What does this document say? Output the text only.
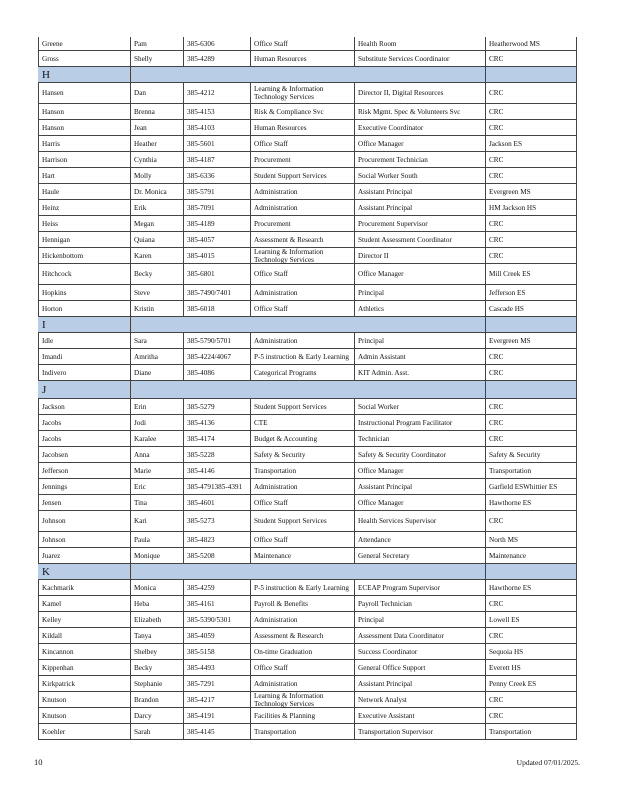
Greene	Pam	385-6306	Office Staff	Health Room	Heatherwood MS
Gross	Shelly	385-4289	Human Resources	Substitute Services Coordinator	CRC
H
Hansen	Dan	385-4212	Learning & Information Technology Services	Director II, Digital Resources	CRC
Hanson	Brenna	385-4153	Risk & Compliance Svc	Risk Mgmt. Spec & Volunteers Svc	CRC
Hanson	Jean	385-4103	Human Resources	Executive Coordinator	CRC
Harris	Heather	385-5601	Office Staff	Office Manager	Jackson ES
Harrison	Cynthia	385-4187	Procurement	Procurement Technician	CRC
Hart	Molly	385-6336	Student Support Services	Social Worker South	CRC
Haule	Dr. Monica	385-5791	Administration	Assistant Principal	Evergreen MS
Heinz	Erik	385-7091	Administration	Assistant Principal	HM Jackson HS
Heiss	Megan	385-4189	Procurement	Procurement Supervisor	CRC
Hennigan	Quiana	385-4057	Assessment & Research	Student Assessment Coordinator	CRC
Hickenbottom	Karen	385-4015	Learning & Information Technology Services	Director II	CRC
Hitchcock	Becky	385-6801	Office Staff	Office Manager	Mill Creek ES
Hopkins	Steve	385-7490/7401	Administration	Principal	Jefferson ES
Horton	Kristin	385-6018	Office Staff	Athletics	Cascade HS
I
Idle	Sara	385-5790/5701	Administration	Principal	Evergreen MS
Imandi	Amritha	385-4224/4067	P-5 instruction & Early Learning	Admin Assistant	CRC
Indivero	Diane	385-4086	Categorical Programs	KIT Admin. Asst.	CRC
J
Jackson	Erin	385-5279	Student Support Services	Social Worker	CRC
Jacobs	Jodi	385-4136	CTE	Instructional Program Facilitator	CRC
Jacobs	Karalee	385-4174	Budget & Accounting	Technician	CRC
Jacobsen	Anna	385-5228	Safety & Security	Safety & Security Coordinator	Safety & Security
Jefferson	Marie	385-4146	Transportation	Office Manager	Transportation
Jennings	Eric	385-4791385-4391	Administration	Assistant Principal	Garfield ESWhittier ES
Jensen	Tina	385-4601	Office Staff	Office Manager	Hawthorne ES
Johnson	Kari	385-5273	Student Support Services	Health Services Supervisor	CRC
Johnson	Paula	385-4823	Office Staff	Attendance	North MS
Juarez	Monique	385-5208	Maintenance	General Secretary	Maintenance
K
Kachmarik	Monica	385-4259	P-5 instruction & Early Learning	ECEAP Program Supervisor	Hawthorne ES
Kamel	Heba	385-4161	Payroll & Benefits	Payroll Technician	CRC
Kelley	Elizabeth	385-5390/5301	Administration	Principal	Lowell ES
Kildall	Tanya	385-4059	Assessment & Research	Assessment Data Coordinator	CRC
Kincannon	Shelbey	385-5158	On-time Graduation	Success Coordinator	Sequoia HS
Kippenhan	Becky	385-4493	Office Staff	General Office Support	Everett HS
Kirkpatrick	Stephanie	385-7291	Administration	Assistant Principal	Penny Creek ES
Knutson	Brandon	385-4217	Learning & Information Technology Services	Network Analyst	CRC
Knutson	Darcy	385-4191	Facilities & Planning	Executive Assistant	CRC
Koehler	Sarah	385-4145	Transportation	Transportation Supervisor	Transportation
10	Updated 07/01/2025.
